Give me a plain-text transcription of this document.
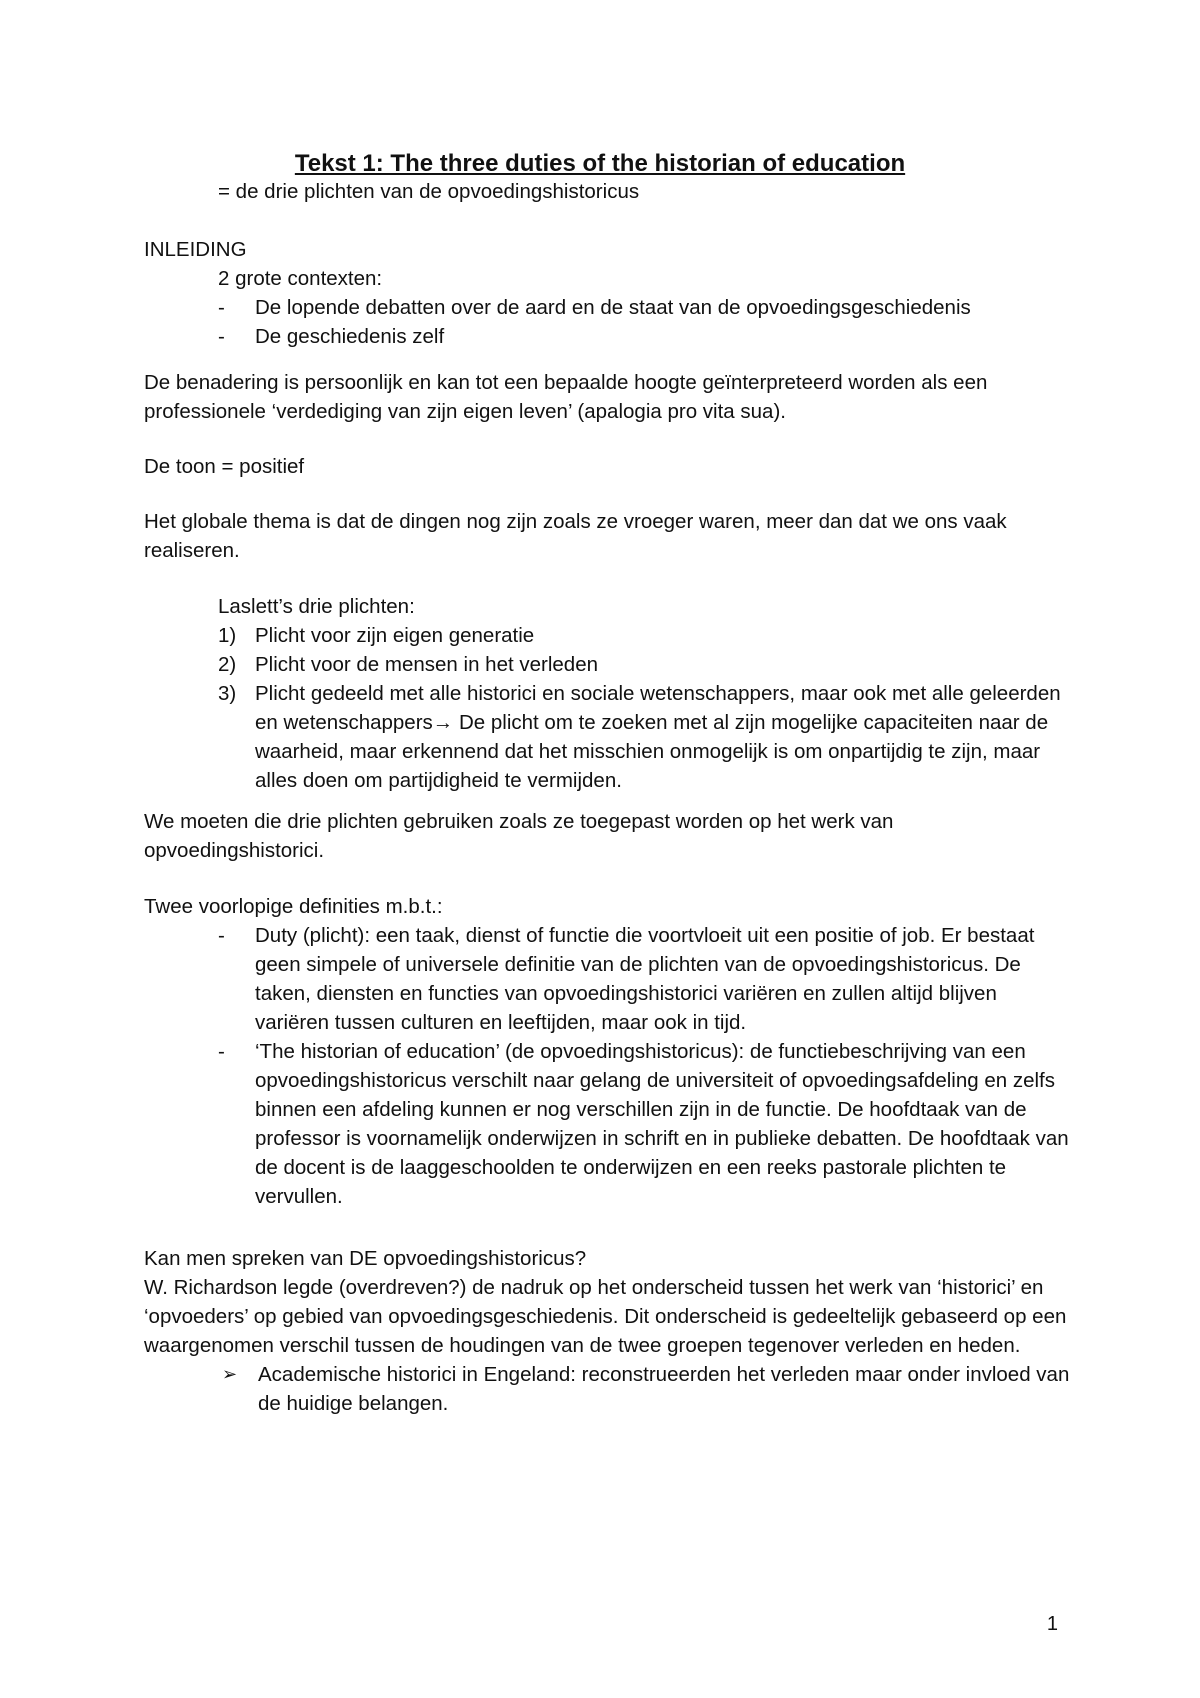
Tekst 1: The three duties of the historian of education

= de drie plichten van de opvoedingshistoricus

INLEIDING

2 grote contexten:

- De lopende debatten over de aard en de staat van de opvoedingsgeschiedenis
- De geschiedenis zelf

De benadering is persoonlijk en kan tot een bepaalde hoogte geïnterpreteerd worden als een professionele ‘verdediging van zijn eigen leven’ (apalogia pro vita sua).

De toon = positief

Het globale thema is dat de dingen nog zijn zoals ze vroeger waren, meer dan dat we ons vaak realiseren.

Laslett’s drie plichten:

1) Plicht voor zijn eigen generatie
2) Plicht voor de mensen in het verleden
3) Plicht gedeeld met alle historici en sociale wetenschappers, maar ook met alle geleerden en wetenschappers→ De plicht om te zoeken met al zijn mogelijke capaciteiten naar de waarheid, maar erkennend dat het misschien onmogelijk is om onpartijdig te zijn, maar alles doen om partijdigheid te vermijden.

We moeten die drie plichten gebruiken zoals ze toegepast worden op het werk van opvoedingshistorici.

Twee voorlopige definities m.b.t.:

- Duty (plicht): een taak, dienst of functie die voortvloeit uit een positie of job. Er bestaat geen simpele of universele definitie van de plichten van de opvoedingshistoricus. De taken, diensten en functies van opvoedingshistorici variëren en zullen altijd blijven variëren tussen culturen en leeftijden, maar ook in tijd.
- ‘The historian of education’ (de opvoedingshistoricus): de functiebeschrijving van een opvoedingshistoricus verschilt naar gelang de universiteit of opvoedingsafdeling en zelfs binnen een afdeling kunnen er nog verschillen zijn in de functie. De hoofdtaak van de professor is voornamelijk onderwijzen in schrift en in publieke debatten. De hoofdtaak van de docent is de laaggeschoolden te onderwijzen en een reeks pastorale plichten te vervullen.

Kan men spreken van DE opvoedingshistoricus?

W. Richardson legde (overdreven?) de nadruk op het onderscheid tussen het werk van ‘historici’ en ‘opvoeders’ op gebied van opvoedingsgeschiedenis. Dit onderscheid is gedeeltelijk gebaseerd op een waargenomen verschil tussen de houdingen van de twee groepen tegenover verleden en heden.

➢ Academische historici in Engeland: reconstrueerden het verleden maar onder invloed van de huidige belangen.
1
